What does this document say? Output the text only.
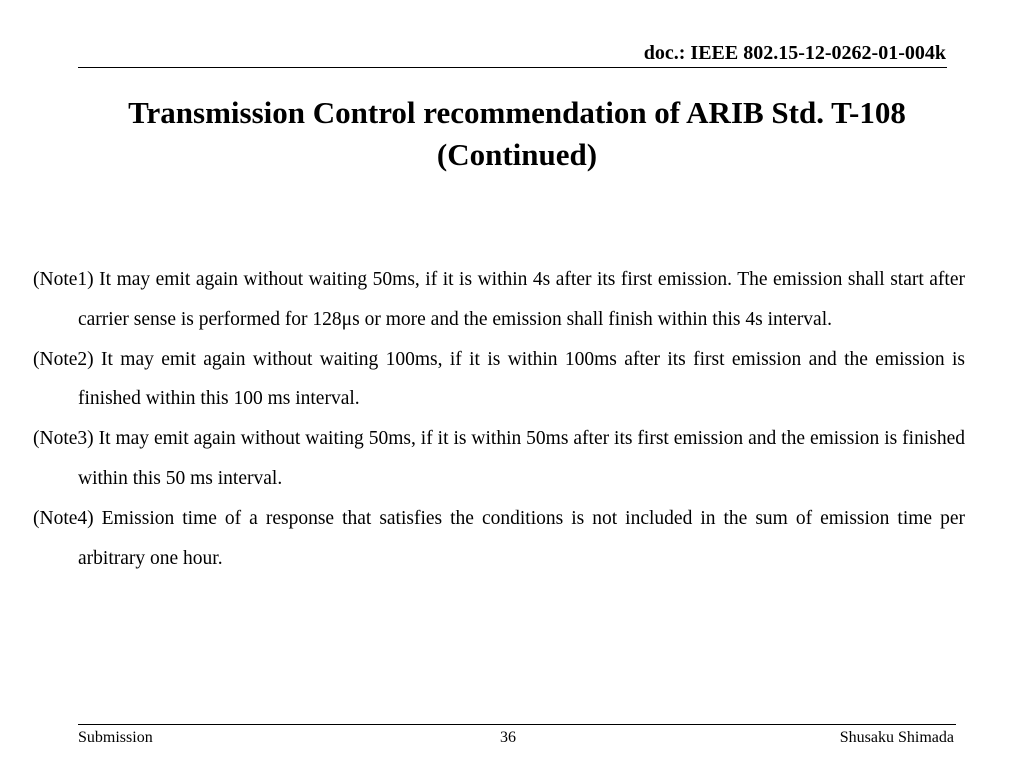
doc.: IEEE 802.15-12-0262-01-004k
Transmission Control recommendation of ARIB Std. T-108
(Continued)

(Note1) It may emit again without waiting 50ms, if it is within 4s after its first emission. The emission shall start after carrier sense is performed for 128μs or more and the emission shall finish within this 4s interval.

(Note2) It may emit again without waiting 100ms, if it is within 100ms after its first emission and the emission is finished within this 100 ms interval.

(Note3) It may emit again without waiting 50ms, if it is within 50ms after its first emission and the emission is finished within this 50 ms interval.

(Note4) Emission time of a response that satisfies the conditions is not included in the sum of emission time per arbitrary one hour.

Submission	36	Shusaku Shimada
